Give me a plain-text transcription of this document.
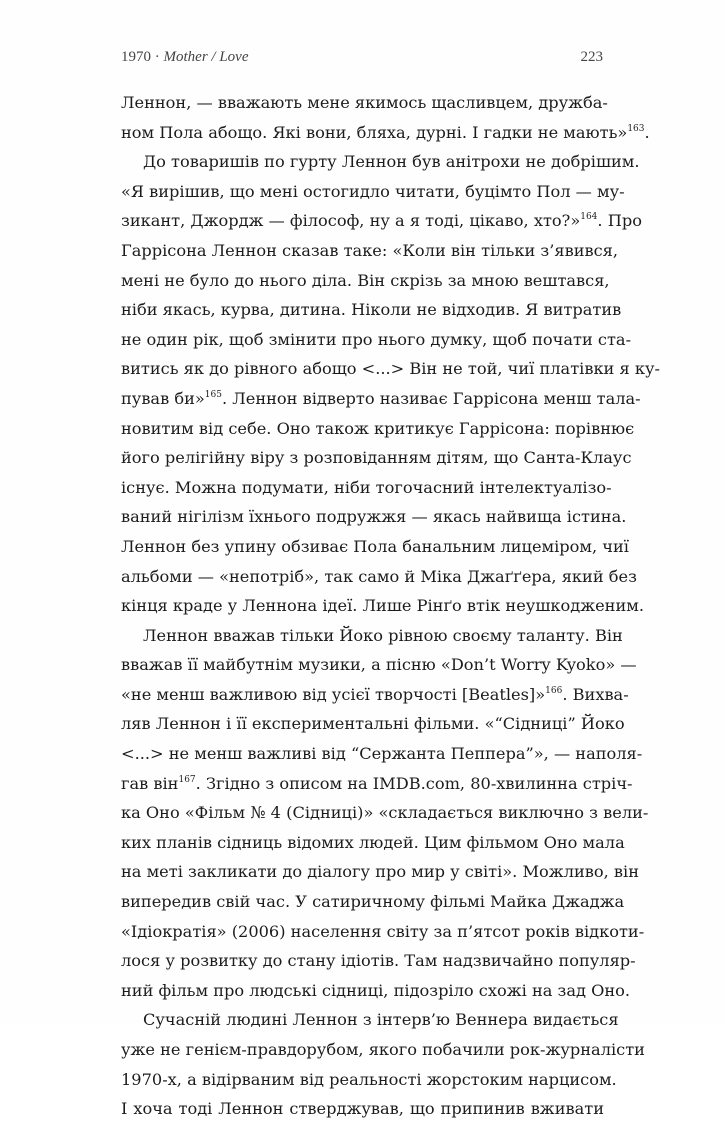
1970 · Mother / Love	223
Леннон, — вважають мене якимось щасливцем, дружба-
ном Пола абощо. Які вони, бляха, дурні. І гадки не мають»$^{163}$.
До товаришів по гурту Леннон був анітрохи не добрішим.
«Я вирішив, що мені остогидло читати, буцімто Пол — му-
зикант, Джордж — філософ, ну а я тоді, цікаво, хто?»$^{164}$. Про
Гаррісона Леннон сказав таке: «Коли він тільки з’явився,
мені не було до нього діла. Він скрізь за мною вештався,
ніби якась, курва, дитина. Ніколи не відходив. Я витратив
не один рік, щоб змінити про нього думку, щоб почати ста-
витись як до рівного абощо <...> Він не той, чиї платівки я ку-
пував би»$^{165}$. Леннон відверто називає Гаррісона менш тала-
новитим від себе. Оно також критикує Гаррісона: порівнює
його релігійну віру з розповіданням дітям, що Санта-Клаус
існує. Можна подумати, ніби тогочасний інтелектуалізо-
ваний нігілізм їхнього подружжя — якась найвища істина.
Леннон без упину обзиває Пола банальним лицеміром, чиї
альбоми — «непотріб», так само й Міка Джаґґера, який без
кінця краде у Леннона ідеї. Лише Рінґо втік неушкодженим.
Леннон вважав тільки Йоко рівною своєму таланту. Він
вважав її майбутнім музики, а пісню «Don’t Worry Kyoko» —
«не менш важливою від усієї творчості [Beatles]»$^{166}$. Вихва-
ляв Леннон і її експериментальні фільми. «“Сідниці” Йоко
<...> не менш важливі від “Сержанта Пеппера”», — наполя-
гав він$^{167}$. Згідно з описом на IMDB.com, 80-хвилинна стріч-
ка Оно «Фільм № 4 (Сідниці)» «складається виключно з вели-
ких планів сідниць відомих людей. Цим фільмом Оно мала
на меті закликати до діалогу про мир у світі». Можливо, він
випередив свій час. У сатиричному фільмі Майка Джаджа
«Ідіократія» (2006) населення світу за п’ятсот років відкоти-
лося у розвитку до стану ідіотів. Там надзвичайно популяр-
ний фільм про людські сідниці, підозріло схожі на зад Оно.
Сучасній людині Леннон з інтерв’ю Веннера видається
уже не генієм-правдорубом, якого побачили рок-журналісти
1970-х, а відірваним від реальності жорстоким нарцисом.
І хоча тоді Леннон стверджував, що припинив вживати
